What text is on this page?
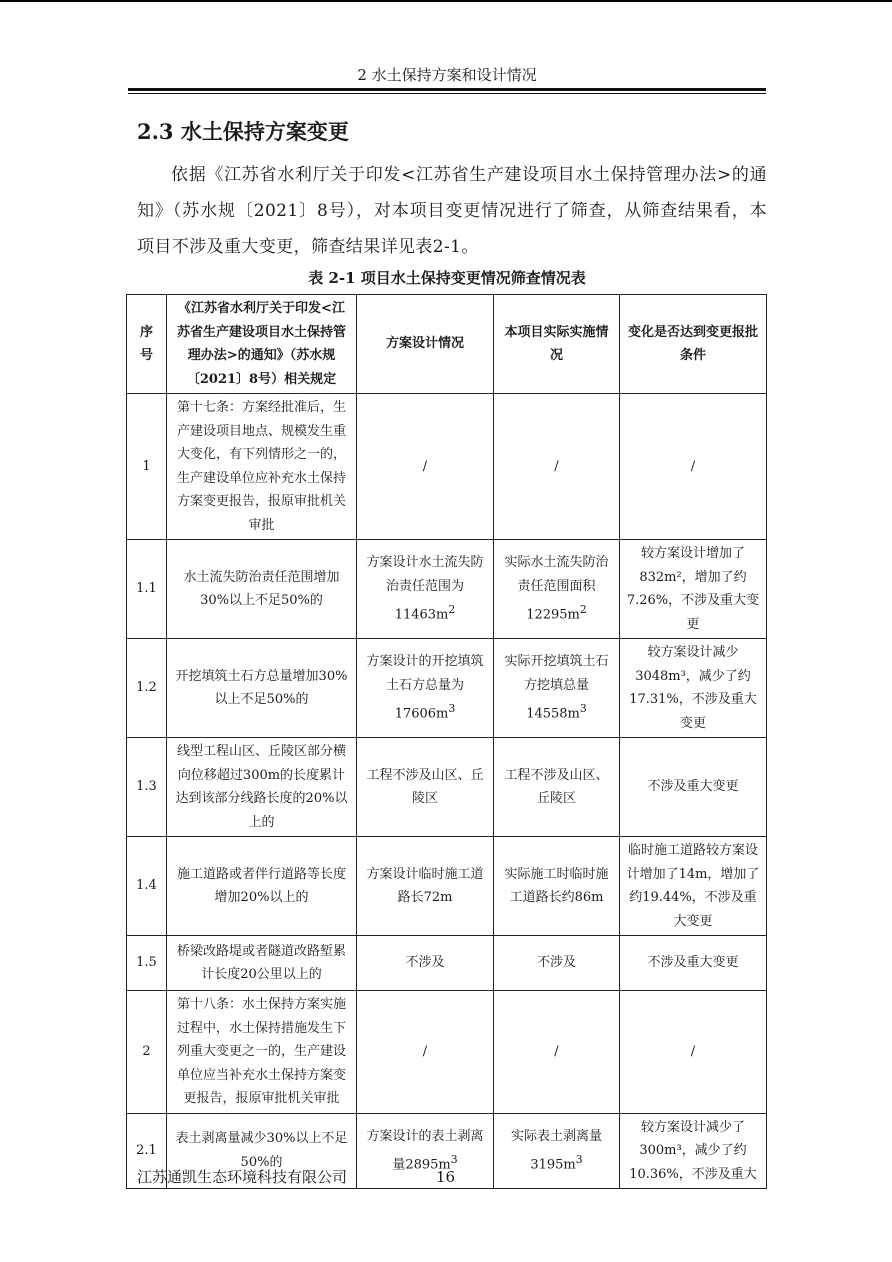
2 水土保持方案和设计情况
2.3 水土保持方案变更
依据《江苏省水利厅关于印发<江苏省生产建设项目水土保持管理办法>的通知》（苏水规〔2021〕8号），对本项目变更情况进行了筛查，从筛查结果看，本项目不涉及重大变更，筛查结果详见表2-1。
表 2-1 项目水土保持变更情况筛查情况表
序号	《江苏省水利厅关于印发<江苏省生产建设项目水土保持管理办法>的通知》（苏水规〔2021〕8号）相关规定	方案设计情况	本项目实际实施情况	变化是否达到变更报批条件
1	第十七条：方案经批准后，生产建设项目地点、规模发生重大变化，有下列情形之一的，生产建设单位应补充水土保持方案变更报告，报原审批机关审批	/	/	/
1.1	水土流失防治责任范围增加30%以上不足50%的	方案设计水土流失防治责任范围为$11463m^2$	实际水土流失防治责任范围面积$12295m^2$	较方案设计增加了832m²，增加了约7.26%，不涉及重大变更
1.2	开挖填筑土石方总量增加30%以上不足50%的	方案设计的开挖填筑土石方总量为$17606m^3$	实际开挖填筑土石方挖填总量$14558m^3$	较方案设计减少3048m³，减少了约17.31%，不涉及重大变更
1.3	线型工程山区、丘陵区部分横向位移超过300m的长度累计达到该部分线路长度的20%以上的	工程不涉及山区、丘陵区	工程不涉及山区、丘陵区	不涉及重大变更
1.4	施工道路或者伴行道路等长度增加20%以上的	方案设计临时施工道路长72m	实际施工时临时施工道路长约86m	临时施工道路较方案设计增加了14m，增加了约19.44%，不涉及重大变更
1.5	桥梁改路堤或者隧道改路堑累计长度20公里以上的	不涉及	不涉及	不涉及重大变更
2	第十八条：水土保持方案实施过程中，水土保持措施发生下列重大变更之一的，生产建设单位应当补充水土保持方案变更报告，报原审批机关审批	/	/	/
2.1	表土剥离量减少30%以上不足50%的	方案设计的表土剥离量$2895m^3$	实际表土剥离量$3195m^3$	较方案设计减少了300m³，减少了约10.36%，不涉及重大
江苏通凯生态环境科技有限公司	16
